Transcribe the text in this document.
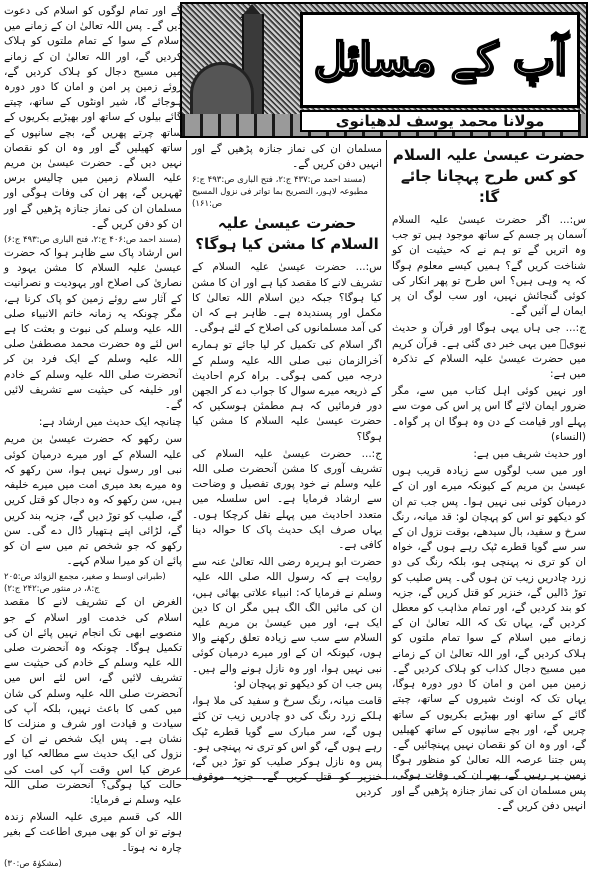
آپ کے مسائل
مولانا محمد یوسف لدھیانوی
حضرت عیسیٰ علیہ السلام کو کس طرح پہچانا جائے گا:

س:... اگر حضرت عیسیٰ علیہ السلام آسمان پر جسم کے ساتھ موجود ہیں تو جب وہ اتریں گے تو ہم نے کہ حیثیت ان کو شناخت کریں گے؟ ہمیں کیسے معلوم ہوگا کہ یہ وہی ہیں؟ اس طرح تو پھر انکار کی کوئی گنجائش نہیں، اور سب لوگ ان پر ایمان لے آئیں گے۔

ج:... جی ہاں یہی ہوگا اور قرآن و حدیث نبویؐ میں یہی خبر دی گئی ہے۔ قرآن کریم میں حضرت عیسیٰ علیہ السلام کے تذکرہ میں ہے:

اور نہیں کوئی اہل کتاب میں سے، مگر ضرور ایمان لائے گا اس پر اس کی موت سے پہلے اور قیامت کے دن وہ ہوگا ان پر گواہ۔ (النساء)

اور حدیث شریف میں ہے:

اور میں سب لوگوں سے زیادہ قریب ہوں عیسیٰ بن مریم کے کیونکہ میرے اور ان کے درمیان کوئی نبی نہیں ہوا۔ پس جب تم ان کو دیکھو تو اس کو پہچان لو: قد میانہ، رنگ سرخ و سفید، بال سیدھے، بوقت نزول ان کے سر سے گویا قطرے ٹپک رہے ہوں گے، خواہ ان کو تری نہ پہنچی ہو، بلکہ رنگ کی دو زرد چادریں زیب تن ہوں گی۔ پس صلیب کو توڑ ڈالیں گے، خنزیر کو قتل کریں گے، جزیہ کو بند کردیں گے، اور تمام مذاہب کو معطل کردیں گے، یہاں تک کہ اللہ تعالیٰ ان کے زمانے میں اسلام کے سوا تمام ملتوں کو ہلاک کردیں گے، اور اللہ تعالیٰ ان کے زمانے میں مسیح دجال کذاب کو ہلاک کردیں گے۔ زمین میں امن و امان کا دور دورہ ہوگا، یہاں تک کہ اونٹ شیروں کے ساتھ، چیتے گائے کے ساتھ اور بھیڑیے بکریوں کے ساتھ چریں گے، اور بچے سانپوں کے ساتھ کھیلیں گے، اور وہ ان کو نقصان نہیں پہنچائیں گے۔ پس جتنا عرصہ اللہ تعالیٰ کو منظور ہوگا زمین پر رہیں گے، پھر ان کی وفات ہوگی، پس مسلمان ان کی نماز جنازہ پڑھیں گے اور انہیں دفن کریں گے۔

مسلمان ان کی نماز جنازہ پڑھیں گے اور انہیں دفن کریں گے۔

(مسند احمد ص:۴۳۷ ج:۲، فتح الباری ص:۴۹۳ ج:۶ مطبوعہ لاہور، التصریح بما تواتر فی نزول المسیح ص:۱۶۱)
حضرت عیسیٰ علیہ السلام کا مشن کیا ہوگا؟

س:... حضرت عیسیٰ علیہ السلام کے تشریف لانے کا مقصد کیا ہے اور ان کا مشن کیا ہوگا؟ جبکہ دین اسلام اللہ تعالیٰ کا مکمل اور پسندیدہ ہے۔ ظاہر ہے کہ ان کی آمد مسلمانوں کی اصلاح کے لئے ہوگی۔

اگر اسلام کی تکمیل کر لیا جائے تو ہمارے آخرالزمان نبی صلی اللہ علیہ وسلم کے درجہ میں کمی ہوگی۔ براہ کرم احادیث کے ذریعہ میرے سوال کا جواب دے کر الجھن دور فرمائیں کہ ہم مطمئن ہوسکیں کہ حضرت عیسیٰ علیہ السلام کا مشن کیا ہوگا؟

ج:... حضرت عیسیٰ علیہ السلام کی تشریف آوری کا مشن آنحضرت صلی اللہ علیہ وسلم نے خود پوری تفصیل و وضاحت سے ارشاد فرمایا ہے۔ اس سلسلہ میں متعدد احادیث میں پہلے نقل کرچکا ہوں۔ یہاں صرف ایک حدیث پاک کا حوالہ دینا کافی ہے۔

حضرت ابو ہریرہ رضی اللہ تعالیٰ عنہ سے روایت ہے کہ رسول اللہ صلی اللہ علیہ وسلم نے فرمایا کہ: انبیاء علاتی بھائی ہیں، ان کی مائیں الگ الگ ہیں مگر ان کا دین ایک ہے، اور میں عیسیٰ بن مریم علیہ السلام سے سب سے زیادہ تعلق رکھنے والا ہوں، کیونکہ ان کے اور میرے درمیان کوئی نبی نہیں ہوا، اور وہ نازل ہونے والے ہیں۔ پس جب ان کو دیکھو تو پہچان لو:

قامت میانہ، رنگ سرخ و سفید کی ملا ہوا، ہلکے زرد رنگ کی دو چادریں زیب تن کئے ہوں گے، سر مبارک سے گویا قطرے ٹپک رہے ہوں گے، گو اس کو تری نہ پہنچی ہو۔ پس وہ نازل ہوکر صلیب کو توڑ دیں گے، خنزیر کو قتل کریں گے۔ جزیہ موقوف کردیں

گے اور تمام لوگوں کو اسلام کی دعوت دیں گے۔ پس اللہ تعالیٰ ان کے زمانے میں اسلام کے سوا کے تمام ملتوں کو ہلاک کردیں گے، اور اللہ تعالیٰ ان کے زمانے میں مسیح دجال کو ہلاک کردیں گے، روئے زمین پر امن و امان کا دور دورہ ہوجائے گا، شیر اونٹوں کے ساتھ، چیتے گائے بیلوں کے ساتھ اور بھیڑیے بکریوں کے ساتھ چرتے پھریں گے، بچے سانپوں کے ساتھ کھیلیں گے اور وہ ان کو نقصان نہیں دیں گے۔ حضرت عیسیٰ بن مریم علیہ السلام زمین میں چالیس برس ٹھہریں گے، پھر ان کی وفات ہوگی اور مسلمان ان کی نماز جنازہ پڑھیں گے اور ان کو دفن کریں گے۔

(مسند احمد ص:۴۰۶ ج:۲، فتح الباری ص:۴۹۳ ج:۶)

اس ارشاد پاک سے ظاہر ہوا کہ حضرت عیسیٰ علیہ السلام کا مشن یہود و نصاریٰ کی اصلاح اور یہودیت و نصرانیت کے آثار سے روئے زمین کو پاک کرنا ہے، مگر چونکہ یہ زمانہ خاتم الانبیاء صلی اللہ علیہ وسلم کی نبوت و بعثت کا ہے اس لئے وہ حضرت محمد مصطفیٰ صلی اللہ علیہ وسلم کے ایک فرد بن کر آنحضرت صلی اللہ علیہ وسلم کے خادم اور خلیفہ کی حیثیت سے تشریف لائیں گے۔

چنانچہ ایک حدیث میں ارشاد ہے:

سن رکھو کہ حضرت عیسیٰ بن مریم علیہ السلام کے اور میرے درمیان کوئی نبی اور رسول نہیں ہوا، سن رکھو کہ وہ میرے بعد میری امت میں میرے خلیفہ ہیں، سن رکھو کہ وہ دجال کو قتل کریں گے، صلیب کو توڑ دیں گے، جزیہ بند کریں گے، لڑائی اپنے ہتھیار ڈال دے گی۔ سن رکھو کہ جو شخص تم میں سے ان کو پائے ان کو میرا سلام کہے۔

(طبرانی اوسط و صغیر، مجمع الزوائد ص:۲۰۵ ج:۸، در منثور ص:۲۴۲ ج:۲)

الغرض ان کے تشریف لانے کا مقصد اسلام کی خدمت اور اسلام کے جو منصوبے ابھی تک انجام نہیں پائے ان کی تکمیل ہوگا۔ چونکہ وہ آنحضرت صلی اللہ علیہ وسلم کے خادم کی حیثیت سے تشریف لائیں گے، اس لئے اس میں آنحضرت صلی اللہ علیہ وسلم کی شان میں کمی کا باعث نہیں، بلکہ آپ کی سیادت و قیادت اور شرف و منزلت کا نشان ہے۔ پس ایک شخص نے ان کے نزول کی ایک حدیث سے مطالعہ کیا اور عرض کیا اس وقت آپ کی امت کی حالت کیا ہوگی؟ آنحضرت صلی اللہ علیہ وسلم نے فرمایا:

اللہ کی قسم میری علیہ السلام زندہ ہوتے تو ان کو بھی میری اطاعت کے بغیر چارہ نہ ہوتا۔

(مشکوٰۃ ص:۳۰)
